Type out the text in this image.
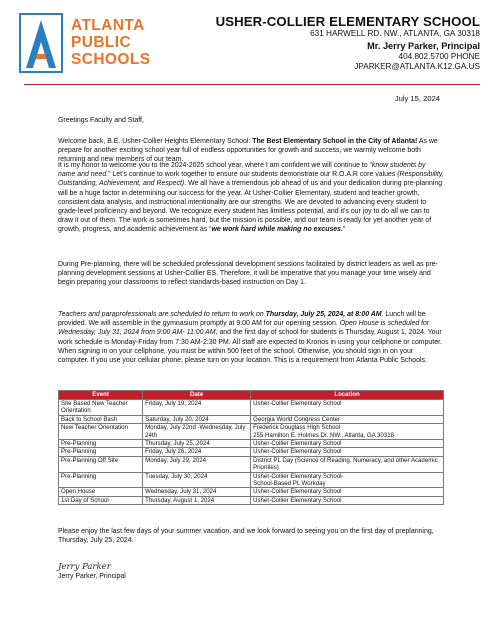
ATLANTA
PUBLIC
SCHOOLS
USHER-COLLIER ELEMENTARY SCHOOL
631 HARWELL RD. NW., ATLANTA, GA 30318
Mr. Jerry Parker, Principal
404.802.5700 PHONE
JPARKER@ATLANTA.K12.GA.US
July 15, 2024
Greetings Faculty and Staff,
Welcome back, B.E. Usher-Collier Heights Elementary School: The Best Elementary School in the City of Atlanta! As we prepare for another exciting school year full of endless opportunities for growth and success, we warmly welcome both returning and new members of our team.
It is my honor to welcome you to the 2024-2025 school year, where I am confident we will continue to “know students by name and need.” Let’s continue to work together to ensure our students demonstrate our R.O.A.R core values (Responsibility, Outstanding, Achievement, and Respect). We all have a tremendous job ahead of us and your dedication during pre-planning will be a huge factor in determining our success for the year. At Usher-Collier Elementary, student and teacher growth, consistent data analysis, and instructional intentionality are our strengths. We are devoted to advancing every student to grade-level proficiency and beyond. We recognize every student has limitless potential, and it’s our joy to do all we can to draw it out of them. The work is sometimes hard, but the mission is possible, and our team is ready for yet another year of growth, progress, and academic achievement as “we work hard while making no excuses.”
During Pre-planning, there will be scheduled professional development sessions facilitated by district leaders as well as pre-planning development sessions at Usher-Collier ES. Therefore, it will be imperative that you manage your time wisely and begin preparing your classrooms to reflect standards-based instruction on Day 1.
Teachers and paraprofessionals are scheduled to return to work on Thursday, July 25, 2024, at 8:00 AM. Lunch will be provided. We will assemble in the gymnasium promptly at 9:00 AM for our opening session. Open House is scheduled for Wednesday, July 31, 2024 from 9:00 AM- 11:00 AM, and the first day of school for students is Thursday, August 1, 2024. Your work schedule is Monday-Friday from 7:30 AM-2:30 PM. All staff are expected to Kronos in using your cellphone or computer. When signing in on your cellphone, you must be within 500 feet of the school. Otherwise, you should sign in on your computer. If you use your cellular phone, please turn on your location. This is a requirement from Atlanta Public Schools.
Event	Date	Location
Site Based New Teacher Orientation	Friday, July 19, 2024	Usher-Collier Elementary School
Back to School Bash	Saturday, July 20, 2024	Georgia World Congress Center
New Teacher Orientation	Monday, July 22nd -Wednesday, July 24th	Frederick Douglass High School
255 Hamilton E. Holmes Dr. NW., Atlanta, GA 30318
Pre-Planning	Thursday, July 25, 2024	Usher-Collier Elementary School
Pre-Planning	Friday, July 26, 2024	Usher-Collier Elementary School
Pre-Planning Off Site	Monday, July 29, 2024	District PL Day (Science of Reading, Numeracy, and other Academic Priorities)
Pre-Planning	Tuesday, July 30, 2024	Usher-Collier Elementary School-
School-Based PL Workday
Open House	Wednesday, July 31, 2024	Usher-Collier Elementary School
1st Day of School	Thursday, August 1, 2024	Usher-Collier Elementary School
Please enjoy the last few days of your summer vacation, and we look forward to seeing you on the first day of preplanning, Thursday, July 25, 2024.
Jerry Parker
Jerry Parker, Principal
